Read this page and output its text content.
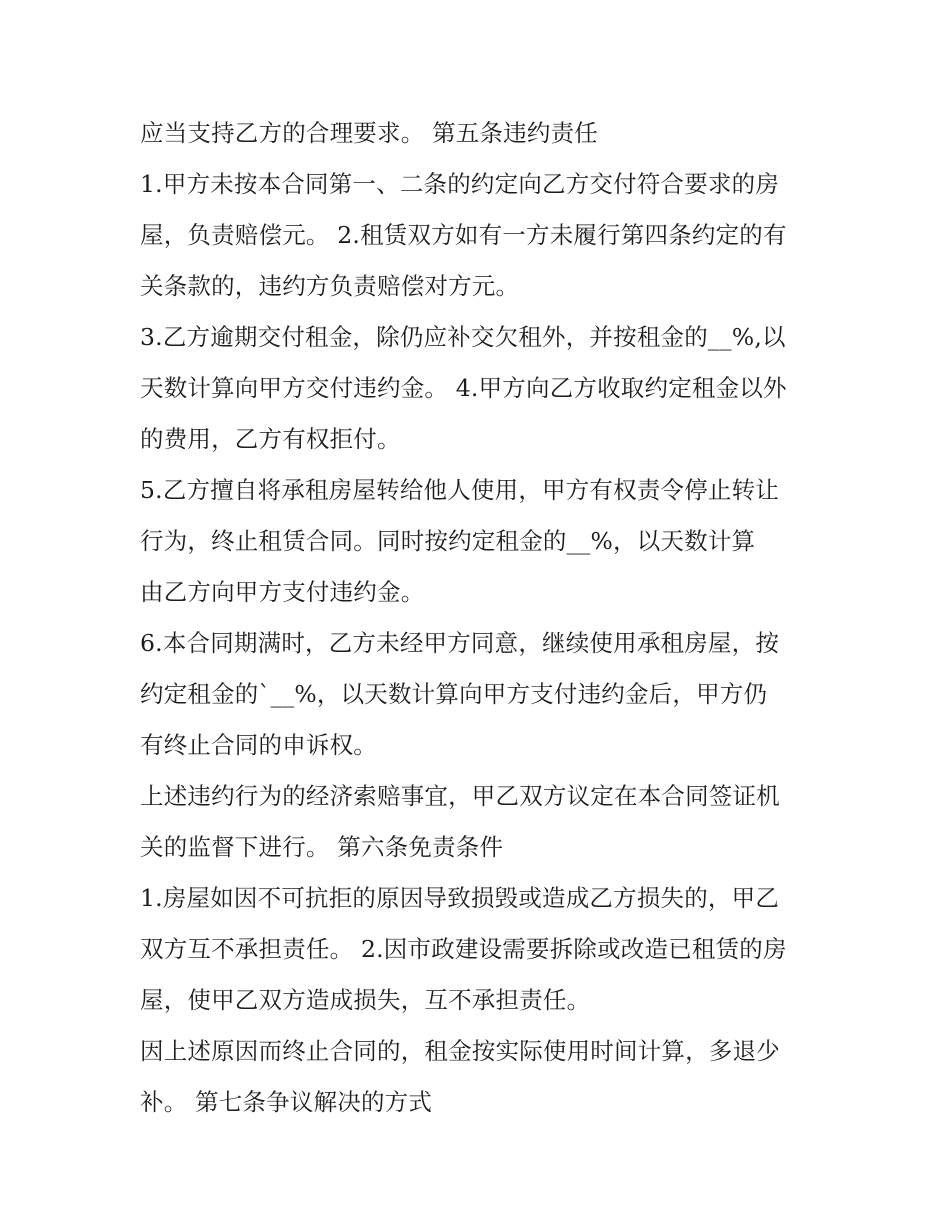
应当支持乙方的合理要求。 第五条违约责任
1.甲方未按本合同第一、二条的约定向乙方交付符合要求的房
屋，负责赔偿元。 2.租赁双方如有一方未履行第四条约定的有
关条款的，违约方负责赔偿对方元。
3.乙方逾期交付租金，除仍应补交欠租外，并按租金的__%,以
天数计算向甲方交付违约金。 4.甲方向乙方收取约定租金以外
的费用，乙方有权拒付。
5.乙方擅自将承租房屋转给他人使用，甲方有权责令停止转让
行为，终止租赁合同。同时按约定租金的__%，以天数计算
由乙方向甲方支付违约金。
6.本合同期满时，乙方未经甲方同意，继续使用承租房屋，按
约定租金的`__%，以天数计算向甲方支付违约金后，甲方仍
有终止合同的申诉权。
上述违约行为的经济索赔事宜，甲乙双方议定在本合同签证机
关的监督下进行。 第六条免责条件
1.房屋如因不可抗拒的原因导致损毁或造成乙方损失的，甲乙
双方互不承担责任。 2.因市政建设需要拆除或改造已租赁的房
屋，使甲乙双方造成损失，互不承担责任。
因上述原因而终止合同的，租金按实际使用时间计算，多退少
补。 第七条争议解决的方式
